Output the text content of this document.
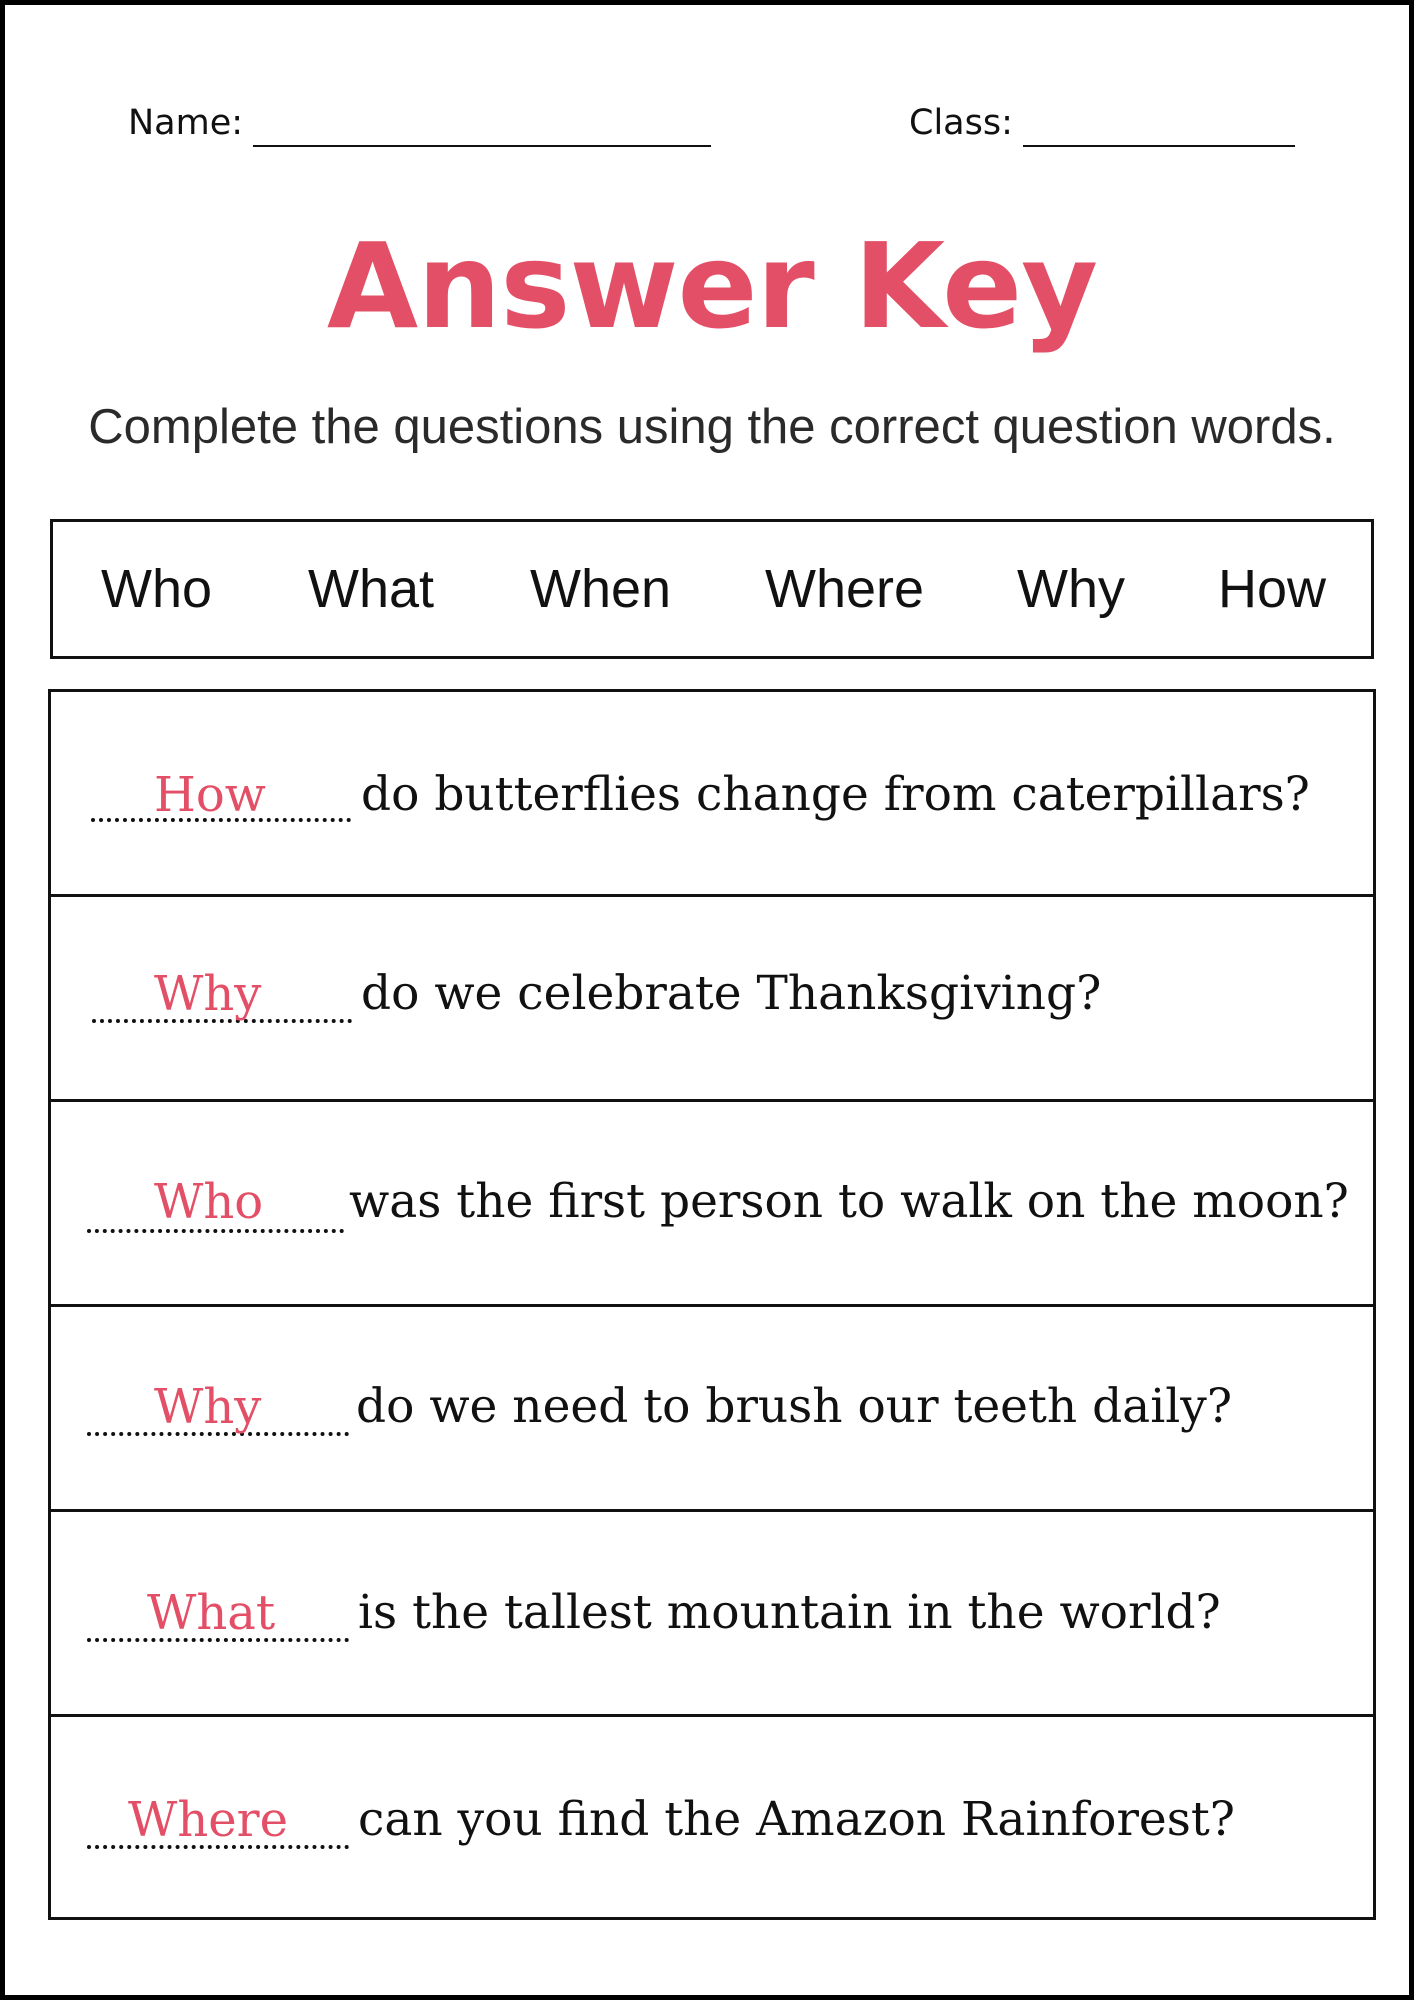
Name:	Class:
Answer Key
Complete the questions using the correct question words.
Who What When Where Why How
How do butterflies change from caterpillars?
Why do we celebrate Thanksgiving?
Who was the first person to walk on the moon?
Why do we need to brush our teeth daily?
What is the tallest mountain in the world?
Where can you find the Amazon Rainforest?
